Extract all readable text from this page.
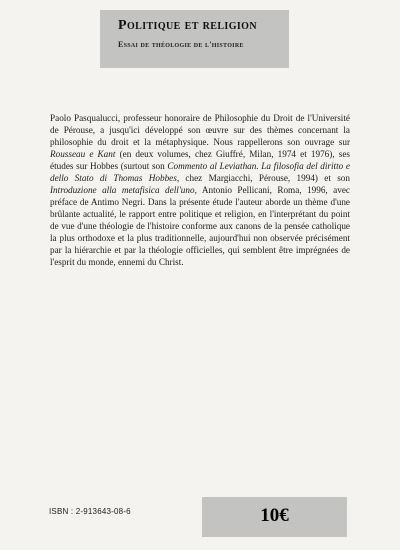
Politique et religion
Essai de théologie de l'histoire
Paolo Pasqualucci, professeur honoraire de Philosophie du Droit de l'Université de Pérouse, a jusqu'ici développé son œuvre sur des thèmes concernant la philosophie du droit et la métaphysique. Nous rappellerons son ouvrage sur Rousseau e Kant (en deux volumes, chez Giuffré, Milan, 1974 et 1976), ses études sur Hobbes (surtout son Commento al Leviathan. La filosofia del diritto e dello Stato di Thomas Hobbes, chez Margiacchi, Pérouse, 1994) et son Introduzione alla metafisica dell'uno, Antonio Pellicani, Roma, 1996, avec préface de Antimo Negri. Dans la présente étude l'auteur aborde un thème d'une brûlante actualité, le rapport entre politique et religion, en l'interprétant du point de vue d'une théologie de l'histoire conforme aux canons de la pensée catholique la plus orthodoxe et la plus traditionnelle, aujourd'hui non observée précisément par la hiérarchie et par la théologie officielles, qui semblent être imprégnées de l'esprit du monde, ennemi du Christ.
ISBN : 2-913643-08-6	10€
